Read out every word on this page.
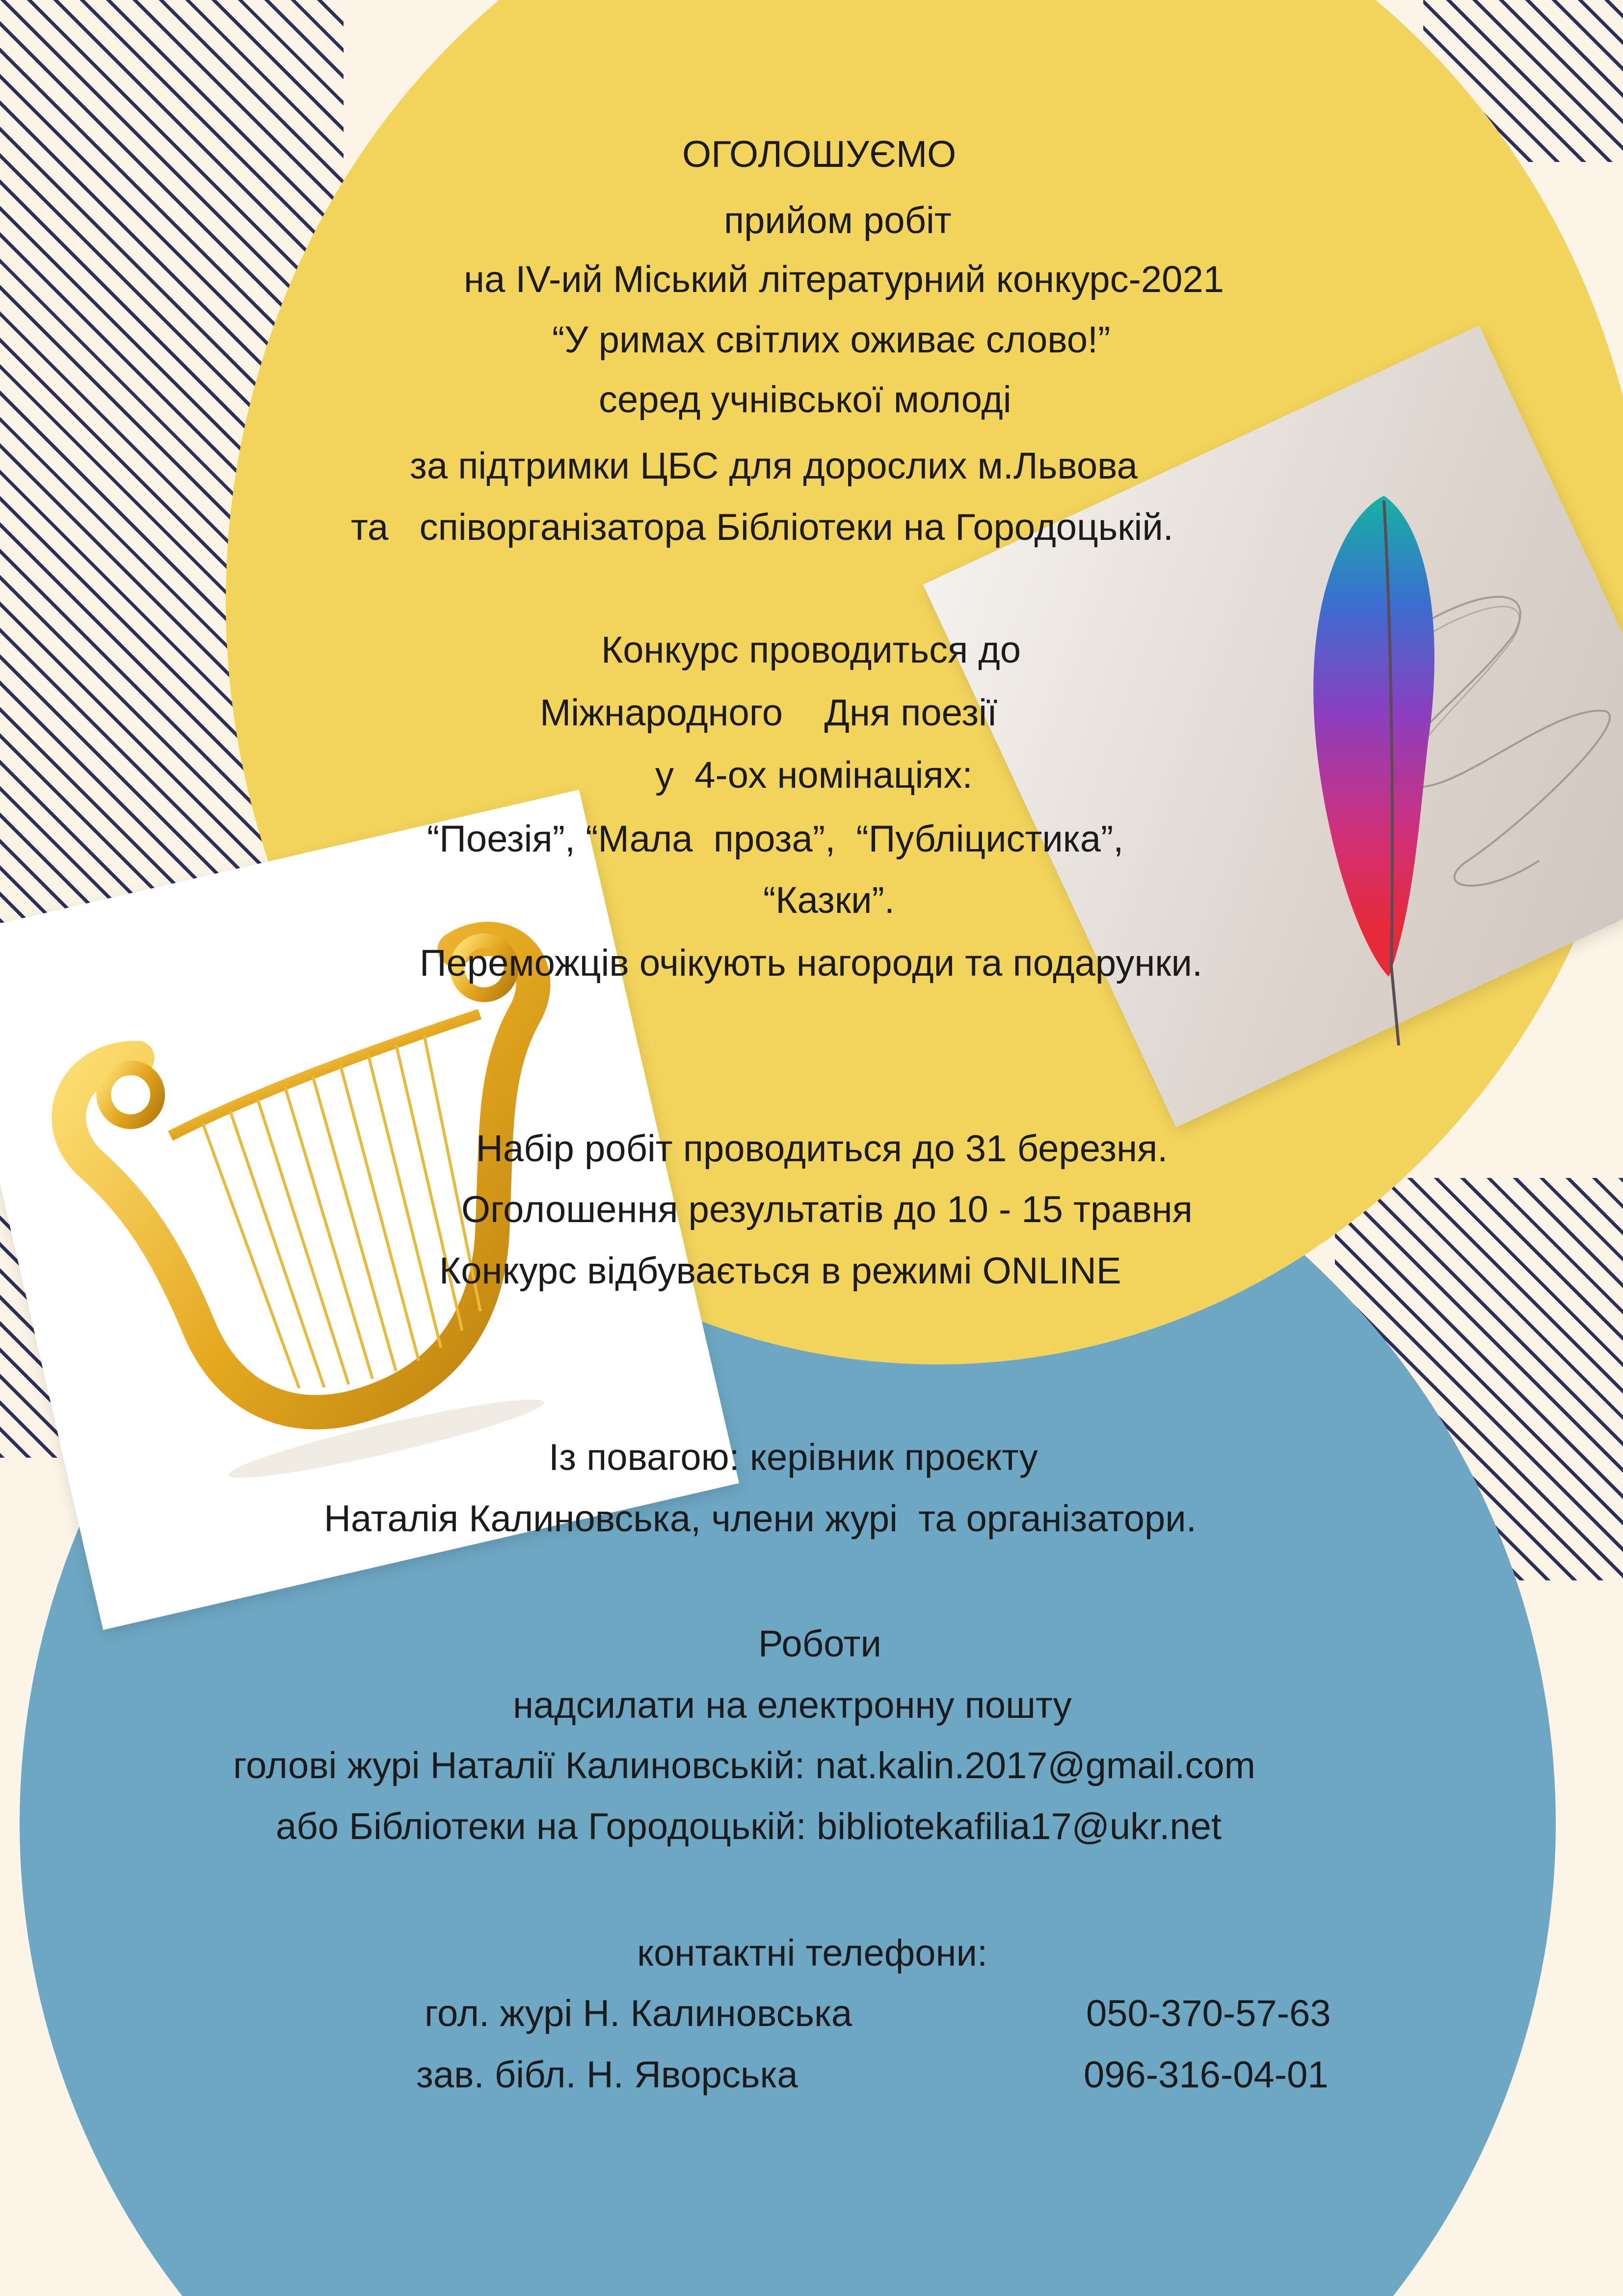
ОГОЛОШУЄМО
прийом робіт
на IV-ий Міський літературний конкурс-2021
“У римах світлих оживає слово!”
серед учнівської молоді
за підтримки ЦБС для дорослих м.Львова
та   співорганізатора Бібліотеки на Городоцькій.
Конкурс проводиться до
Міжнародного    Дня поезії
у  4-ох номінаціях:
“Поезія”, “Мала  проза”,  “Публіцистика”,
“Казки”.
Переможців очікують нагороди та подарунки.
Набір робіт проводиться до 31 березня.
Оголошення результатів до 10 - 15 травня
Конкурс відбувається в режимі ONLINE
Із повагою: керівник проєкту
Наталія Калиновська, члени журі  та організатори.
Роботи
надсилати на електронну пошту
голові журі Наталії Калиновській: nat.kalin.2017@gmail.com
або Бібліотеки на Городоцькій: bibliotekafilia17@ukr.net
контактні телефони:
гол. журі Н. Калиновська	050-370-57-63
зав. бібл. Н. Яворська	096-316-04-01
